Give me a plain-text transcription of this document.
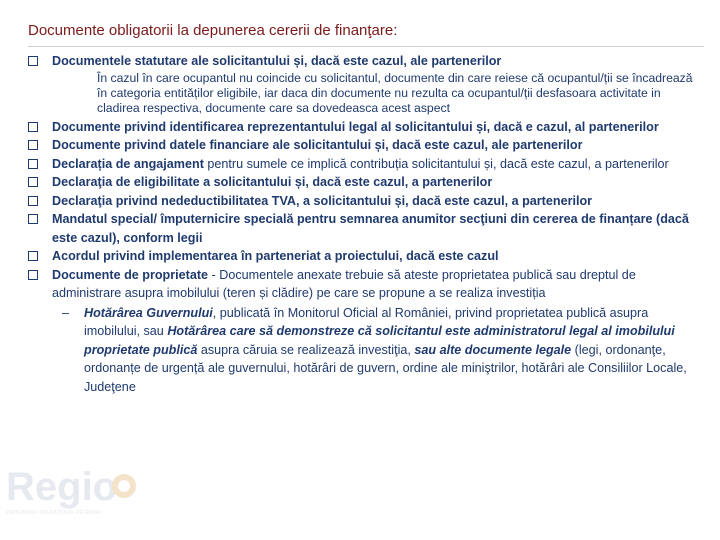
Documente obligatorii la depunerea cererii de finanţare:
Documentele statutare ale solicitantului și, dacă este cazul, ale partenerilor
În cazul în care ocupantul nu coincide cu solicitantul, documente din care reiese că ocupantul/ții se încadrează în categoria entităților eligibile, iar daca din documente nu rezulta ca ocupantul/ții desfasoara activitate in cladirea respectiva, documente care sa dovedeasca acest aspect
Documente privind identificarea reprezentantului legal al solicitantului și, dacă e cazul, al partenerilor
Documente privind datele financiare ale solicitantului și, dacă este cazul, ale partenerilor
Declarația de angajament pentru sumele ce implică contribuția solicitantului și, dacă este cazul, a partenerilor
Declaraţia de eligibilitate a solicitantului și, dacă este cazul, a partenerilor
Declaraţia privind nedeductibilitatea TVA, a solicitantului și, dacă este cazul, a partenerilor
Mandatul special/ împuternicire specială pentru semnarea anumitor secţiuni din cererea de finanțare (dacă este cazul), conform legii
Acordul privind implementarea în parteneriat a proiectului, dacă este cazul
Documente de proprietate - Documentele anexate trebuie să ateste proprietatea publică sau dreptul de administrare asupra imobilului (teren și clădire) pe care se propune a se realiza investiția
– Hotărârea Guvernului, publicată în Monitorul Oficial al României, privind proprietatea publică asupra imobilului, sau Hotărârea care să demonstreze că solicitantul este administratorul legal al imobilului proprietate publică asupra căruia se realizează investiţia, sau alte documente legale (legi, ordonanţe, ordonanțe de urgență ale guvernului, hotărâri de guvern, ordine ale miniştrilor, hotărâri ale Consiliilor Locale, Judeţene
Regio
PROGRAMUL OPERAȚIONAL REGIONAL
